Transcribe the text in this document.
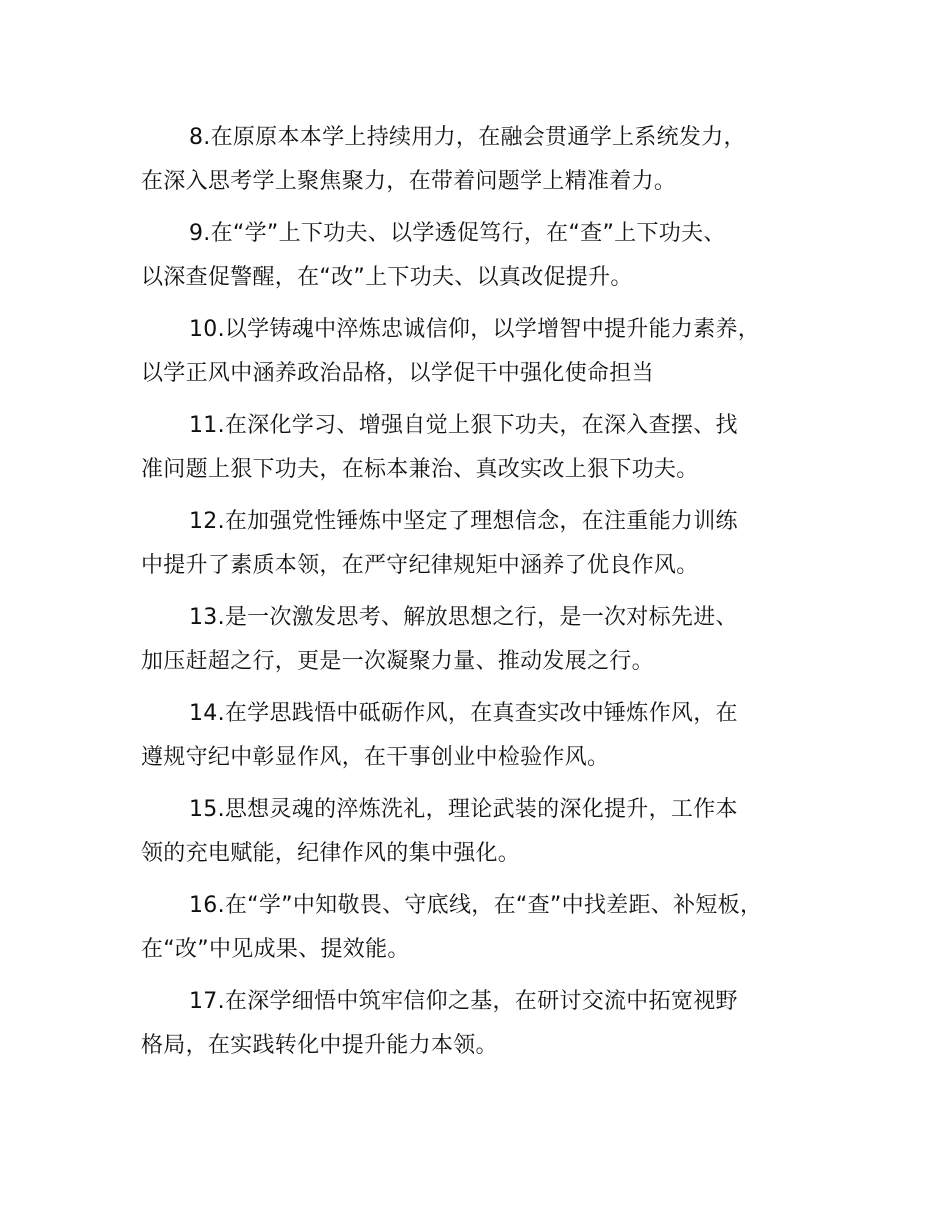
8.在原原本本学上持续用力，在融会贯通学上系统发力，
在深入思考学上聚焦聚力，在带着问题学上精准着力。

9.在“学”上下功夫、以学透促笃行，在“查”上下功夫、
以深查促警醒，在“改”上下功夫、以真改促提升。

10.以学铸魂中淬炼忠诚信仰，以学增智中提升能力素养，
以学正风中涵养政治品格，以学促干中强化使命担当

11.在深化学习、增强自觉上狠下功夫，在深入查摆、找
准问题上狠下功夫，在标本兼治、真改实改上狠下功夫。

12.在加强党性锤炼中坚定了理想信念，在注重能力训练
中提升了素质本领，在严守纪律规矩中涵养了优良作风。

13.是一次激发思考、解放思想之行，是一次对标先进、
加压赶超之行，更是一次凝聚力量、推动发展之行。

14.在学思践悟中砥砺作风，在真查实改中锤炼作风，在
遵规守纪中彰显作风，在干事创业中检验作风。

15.思想灵魂的淬炼洗礼，理论武装的深化提升，工作本
领的充电赋能，纪律作风的集中强化。

16.在“学”中知敬畏、守底线，在“查”中找差距、补短板，
在“改”中见成果、提效能。

17.在深学细悟中筑牢信仰之基，在研讨交流中拓宽视野
格局，在实践转化中提升能力本领。
